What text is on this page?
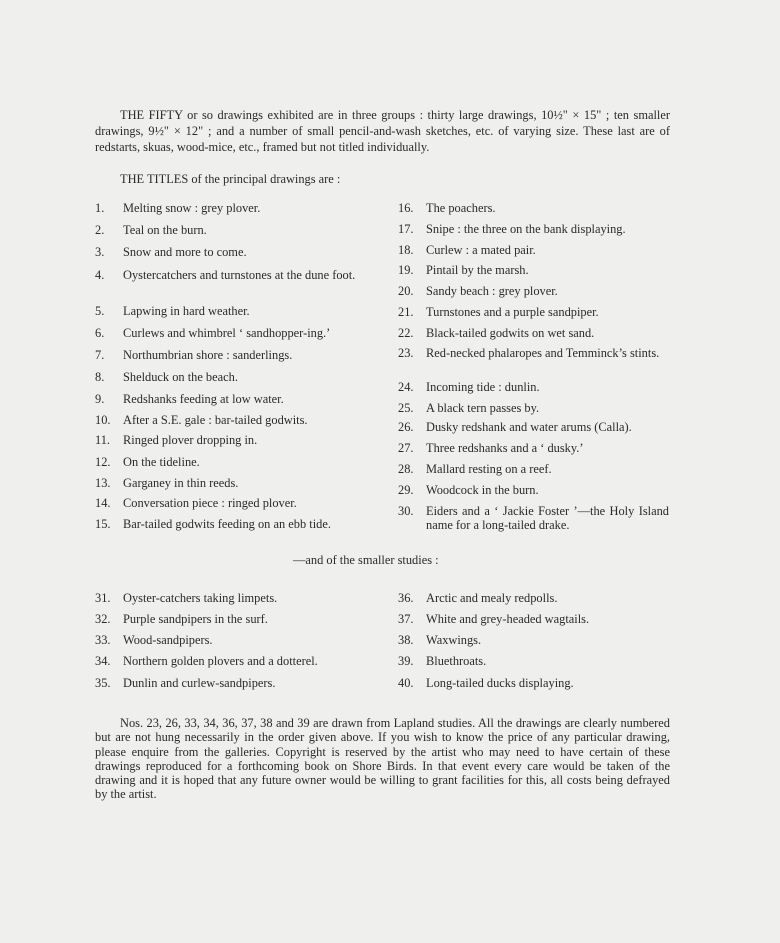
THE FIFTY or so drawings exhibited are in three groups : thirty large drawings, 10½" × 15" ; ten smaller drawings, 9½" × 12" ; and a number of small pencil-and-wash sketches, etc. of varying size. These last are of redstarts, skuas, wood-mice, etc., framed but not titled individually.

THE TITLES of the principal drawings are :

1.	Melting snow : grey plover.
2.	Teal on the burn.
3.	Snow and more to come.
4.	Oystercatchers and turnstones at the dune foot.
5.	Lapwing in hard weather.
6.	Curlews and whimbrel ‘ sandhopper-ing.’
7.	Northumbrian shore : sanderlings.
8.	Shelduck on the beach.
9.	Redshanks feeding at low water.
10.	After a S.E. gale : bar-tailed godwits.
11.	Ringed plover dropping in.
12.	On the tideline.
13.	Garganey in thin reeds.
14.	Conversation piece : ringed plover.
15.	Bar-tailed godwits feeding on an ebb tide.
31.	Oyster-catchers taking limpets.
32.	Purple sandpipers in the surf.
33.	Wood-sandpipers.
34.	Northern golden plovers and a dotterel.
35.	Dunlin and curlew-sandpipers.
16.	The poachers.
17.	Snipe : the three on the bank displaying.
18.	Curlew : a mated pair.
19.	Pintail by the marsh.
20.	Sandy beach : grey plover.
21.	Turnstones and a purple sandpiper.
22.	Black-tailed godwits on wet sand.
23.	Red-necked phalaropes and Temminck’s stints.
24.	Incoming tide : dunlin.
25.	A black tern passes by.
26.	Dusky redshank and water arums (Calla).
27.	Three redshanks and a ‘ dusky.’
28.	Mallard resting on a reef.
29.	Woodcock in the burn.
30.	Eiders and a ‘ Jackie Foster ’—the Holy Island name for a long-tailed drake.
36.	Arctic and mealy redpolls.
37.	White and grey-headed wagtails.
38.	Waxwings.
39.	Bluethroats.
40.	Long-tailed ducks displaying.

—and of the smaller studies :

Nos. 23, 26, 33, 34, 36, 37, 38 and 39 are drawn from Lapland studies. All the drawings are clearly numbered but are not hung necessarily in the order given above. If you wish to know the price of any particular drawing, please enquire from the galleries. Copyright is reserved by the artist who may need to have certain of these drawings reproduced for a forthcoming book on Shore Birds. In that event every care would be taken of the drawing and it is hoped that any future owner would be willing to grant facilities for this, all costs being defrayed by the artist.
